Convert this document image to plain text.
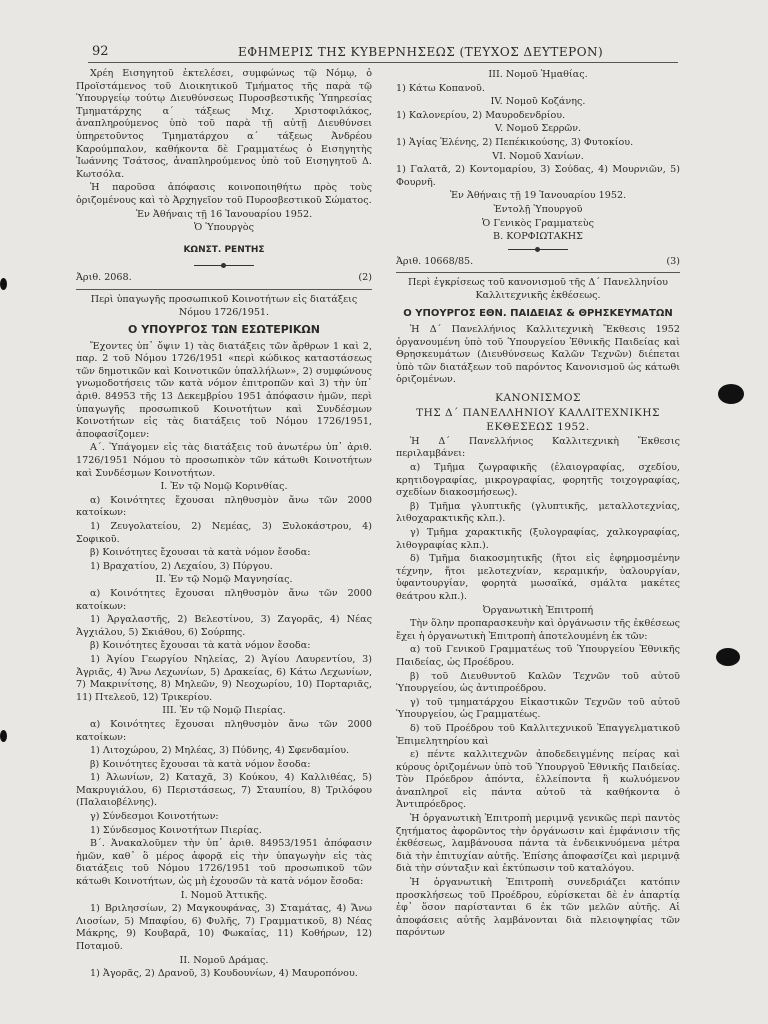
92	ΕΦΗΜΕΡΙΣ ΤΗΣ ΚΥΒΕΡΝΗΣΕΩΣ (ΤΕΥΧΟΣ ΔΕΥΤΕΡΟΝ)

Χρέη Εισηγητοῦ ἐκτελέσει, συμφώνως τῷ Νόμῳ, ὁ Προϊστάμενος τοῦ Διοικητικοῦ Τμήματος τῆς παρὰ τῷ Ὑπουργείῳ τούτῳ Διευθύνσεως Πυροσβεστικῆς Ὑπηρεσίας Τμηματάρχης α΄ τάξεως Μιχ. Χριστοφιλάκος, ἀναπληρούμενος ὑπὸ τοῦ παρὰ τῇ αὐτῇ Διευθύνσει ὑπηρετοῦντος Τμηματάρχου α΄ τάξεως Ἀνδρέου Καρούμπαλον, καθήκοντα δὲ Γραμματέως ὁ Εισηγητὴς Ἰωάννης Τσάτσος, ἀναπληρούμενος ὑπὸ τοῦ Εισηγητοῦ Δ. Κωτσόλα.

Ἡ παροῦσα ἀπόφασις κοινοποιηθήτω πρὸς τοὺς ὁριζομένους καὶ τὸ Ἀρχηγεῖον τοῦ Πυροσβεστικοῦ Σώματος.

Ἐν Ἀθήναις τῇ 16 Ἰανουαρίου 1952.

Ὁ Ὑπουργὸς

ΚΩΝΣΤ. ΡΕΝΤΗΣ

Ἀριθ. 2068.	(2)

Περὶ ὑπαγωγῆς προσωπικοῦ Κοινοτήτων εἰς διατάξεις Νόμου 1726/1951.

Ο ΥΠΟΥΡΓΟΣ ΤΩΝ ΕΣΩΤΕΡΙΚΩΝ

Ἔχοντες ὑπ᾽ ὄψιν 1) τὰς διατάξεις τῶν ἄρθρων 1 καὶ 2, παρ. 2 τοῦ Νόμου 1726/1951 «περὶ κώδικος καταστάσεως τῶν δημοτικῶν καὶ Κοινοτικῶν ὑπαλλήλων», 2) συμφώνους γνωμοδοτήσεις τῶν κατὰ νόμον ἐπιτροπῶν καὶ 3) τὴν ὑπ᾽ ἀριθ. 84953 τῆς 13 Δεκεμβρίου 1951 ἀπόφασιν ἡμῶν, περὶ ὑπαγωγῆς προσωπικοῦ Κοινοτήτων καὶ Συνδέσμων Κοινοτήτων εἰς τὰς διατάξεις τοῦ Νόμου 1726/1951, ἀποφασίζομεν:

Α΄. Ὑπάγομεν εἰς τὰς διατάξεις τοῦ ἀνωτέρω ὑπ᾽ ἀριθ. 1726/1951 Νόμου τὸ προσωπικὸν τῶν κάτωθι Κοινοτήτων καὶ Συνδέσμων Κοινοτήτων.

Ι. Ἐν τῷ Νομῷ Κορινθίας.

α) Κοινότητες ἔχουσαι πληθυσμὸν ἄνω τῶν 2000 κατοίκων:

1) Ζευγολατείου, 2) Νεμέας, 3) Ξυλοκάστρου, 4) Σοφικοῦ.

β) Κοινότητες ἔχουσαι τὰ κατὰ νόμον ἔσοδα:

1) Βραχατίου, 2) Λεχαίου, 3) Πύργου.

ΙΙ. Ἐν τῷ Νομῷ Μαγνησίας.

α) Κοινότητες ἔχουσαι πληθυσμὸν ἄνω τῶν 2000 κατοίκων:

1) Ἀργαλαστῆς, 2) Βελεστίνου, 3) Ζαγορᾶς, 4) Νέας Ἀγχιάλου, 5) Σκιάθου, 6) Σούρπης.

β) Κοινότητες ἔχουσαι τὰ κατὰ νόμον ἔσοδα:

1) Ἁγίου Γεωργίου Νηλείας, 2) Ἁγίου Λαυρεντίου, 3) Ἀγριᾶς, 4) Ἄνω Λεχωνίων, 5) Δρακείας, 6) Κάτω Λεχωνίων, 7) Μακρινίτσης, 8) Μηλεῶν, 9) Νεοχωρίου, 10) Πορταριᾶς, 11) Πτελεοῦ, 12) Τρικερίου.

ΙΙΙ. Ἐν τῷ Νομῷ Πιερίας.

α) Κοινότητες ἔχουσαι πληθυσμὸν ἄνω τῶν 2000 κατοίκων:

1) Λιτοχώρου, 2) Μηλέας, 3) Πύδνης, 4) Σφενδαμίου.

β) Κοινότητες ἔχουσαι τὰ κατὰ νόμον ἔσοδα:

1) Ἀλωνίων, 2) Καταχᾶ, 3) Κούκου, 4) Καλλιθέας, 5) Μακρυγιάλου, 6) Περιστάσεως, 7) Σταυπίου, 8) Τριλόφου (Παλαιοβέλνης).

γ) Σύνδεσμοι Κοινοτήτων:

1) Σύνδεσμος Κοινοτήτων Πιερίας.

Β΄. Ἀνακαλοῦμεν τὴν ὑπ᾽ ἀριθ. 84953/1951 ἀπόφασιν ἡμῶν, καθ᾽ ὃ μέρος ἀφορᾷ εἰς τὴν ὑπαγωγὴν εἰς τὰς διατάξεις τοῦ Νόμου 1726/1951 τοῦ προσωπικοῦ τῶν κάτωθι Κοινοτήτων, ὡς μὴ ἐχουσῶν τὰ κατὰ νόμον ἔσοδα:

Ι. Νομοῦ Ἀττικῆς.

1) Βριλησσίων, 2) Μαγκουφάνας, 3) Σταμάτας, 4) Ἄνω Λιοσίων, 5) Μπαφίου, 6) Φυλῆς, 7) Γραμματικοῦ, 8) Νέας Μάκρης, 9) Κουβαρᾶ, 10) Φωκαίας, 11) Κοθήρων, 12) Ποταμοῦ.

ΙΙ. Νομοῦ Δράμας.

1) Ἀγορᾶς, 2) Δρανοῦ, 3) Κουδουνίων, 4) Μαυροπόνου.

ΙΙΙ. Νομοῦ Ἠμαθίας.

1) Κάτω Κοπανοῦ.

ΙV. Νομοῦ Κοζάνης.

1) Καλονερίου, 2) Μαυροδενδρίου.

V. Νομοῦ Σερρῶν.

1) Ἁγίας Ἑλένης, 2) Πεπέκικούσης, 3) Φυτοκίου.

VΙ. Νομοῦ Χανίων.

1) Γαλατᾶ, 2) Κοντομαρίου, 3) Σούδας, 4) Μουρνιῶν, 5) Φουρνῆ.

Ἐν Ἀθήναις τῇ 19 Ἰανουαρίου 1952.

Ἐντολῇ Ὑπουργοῦ

Ὁ Γενικὸς Γραμματεὺς

Β. ΚΟΡΦΙΩΤΑΚΗΣ

Ἀριθ. 10668/85.	(3)

Περὶ ἐγκρίσεως τοῦ κανονισμοῦ τῆς Δ΄ Πανελληνίου Καλλιτεχνικῆς ἐκθέσεως.

Ο ΥΠΟΥΡΓΟΣ ΕΘΝ. ΠΑΙΔΕΙΑΣ & ΘΡΗΣΚΕΥΜΑΤΩΝ

Ἡ Δ΄ Πανελλήνιος Καλλιτεχνικὴ Ἔκθεσις 1952 ὀργανουμένη ὑπὸ τοῦ Ὑπουργείου Ἐθνικῆς Παιδείας καὶ Θρησκευμάτων (Διευθύνσεως Καλῶν Τεχνῶν) διέπεται ὑπὸ τῶν διατάξεων τοῦ παρόντος Κανονισμοῦ ὡς κάτωθι ὁριζομένων.

ΚΑΝΟΝΙΣΜΟΣ

ΤΗΣ Δ΄ ΠΑΝΕΛΛΗΝΙΟΥ ΚΑΛΛΙΤΕΧΝΙΚΗΣ

ΕΚΘΕΣΕΩΣ 1952.

Ἡ Δ΄ Πανελλήνιος Καλλιτεχνικὴ Ἔκθεσις περιλαμβάνει:

α) Τμῆμα ζωγραφικῆς (ἐλαιογραφίας, σχεδίου, κρητιδογραφίας, μικρογραφίας, φορητῆς τοιχογραφίας, σχεδίων διακοσμήσεως).

β) Τμῆμα γλυπτικῆς (γλυπτικῆς, μεταλλοτεχνίας, λιθοχαρακτικῆς κλπ.).

γ) Τμῆμα χαρακτικῆς (ξυλογραφίας, χαλκογραφίας, λιθογραφίας κλπ.).

δ) Τμῆμα διακοσμητικῆς (ἤτοι εἰς ἐφηρμοσμένην τέχνην, ἤτοι μελοτεχνίαν, κεραμικήν, ὑαλουργίαν, ὑφαντουργίαν, φορητὰ μωσαϊκά, σμάλτα μακέτες θεάτρου κλπ.).

Ὀργανωτικὴ Ἐπιτροπή

Τὴν ὅλην προπαρασκευὴν καὶ ὀργάνωσιν τῆς ἐκθέσεως ἔχει ἡ ὀργανωτικὴ Ἐπιτροπὴ ἀποτελουμένη ἐκ τῶν:

α) τοῦ Γενικοῦ Γραμματέως τοῦ Ὑπουργείου Ἐθνικῆς Παιδείας, ὡς Προέδρου.

β) τοῦ Διευθυντοῦ Καλῶν Τεχνῶν τοῦ αὐτοῦ Ὑπουργείου, ὡς ἀντιπροέδρου.

γ) τοῦ τμηματάρχου Εἰκαστικῶν Τεχνῶν τοῦ αὐτοῦ Ὑπουργείου, ὡς Γραμματέως.

δ) τοῦ Προέδρου τοῦ Καλλιτεχνικοῦ Ἐπαγγελματικοῦ Ἐπιμελητηρίου καὶ

ε) πέντε καλλιτεχνῶν ἀποδεδειγμένης πείρας καὶ κύρους ὁριζομένων ὑπὸ τοῦ Ὑπουργοῦ Ἐθνικῆς Παιδείας. Τὸν Πρόεδρον ἀπόντα, ἐλλείποντα ἢ κωλυόμενον ἀναπληροῖ εἰς πάντα αὐτοῦ τὰ καθήκοντα ὁ Ἀντιπρόεδρος.

Ἡ ὀργανωτικὴ Ἐπιτροπὴ μεριμνᾷ γενικῶς περὶ παντὸς ζητήματος ἀφορῶντος τὴν ὀργάνωσιν καὶ ἐμφάνισιν τῆς ἐκθέσεως, λαμβάνουσα πάντα τὰ ἐνδεικνυόμενα μέτρα διὰ τὴν ἐπιτυχίαν αὐτῆς. Ἐπίσης ἀποφασίζει καὶ μεριμνᾷ διὰ τὴν σύνταξιν καὶ ἐκτύπωσιν τοῦ καταλόγου.

Ἡ ὀργανωτικὴ Ἐπιτροπὴ συνεδριάζει κατόπιν προσκλήσεως τοῦ Προέδρου, εὑρίσκεται δὲ ἐν ἀπαρτίᾳ ἐφ᾽ ὅσον παρίστανται 6 ἐκ τῶν μελῶν αὐτῆς. Αἱ ἀποφάσεις αὐτῆς λαμβάνονται διὰ πλειοψηφίας τῶν παρόντων
